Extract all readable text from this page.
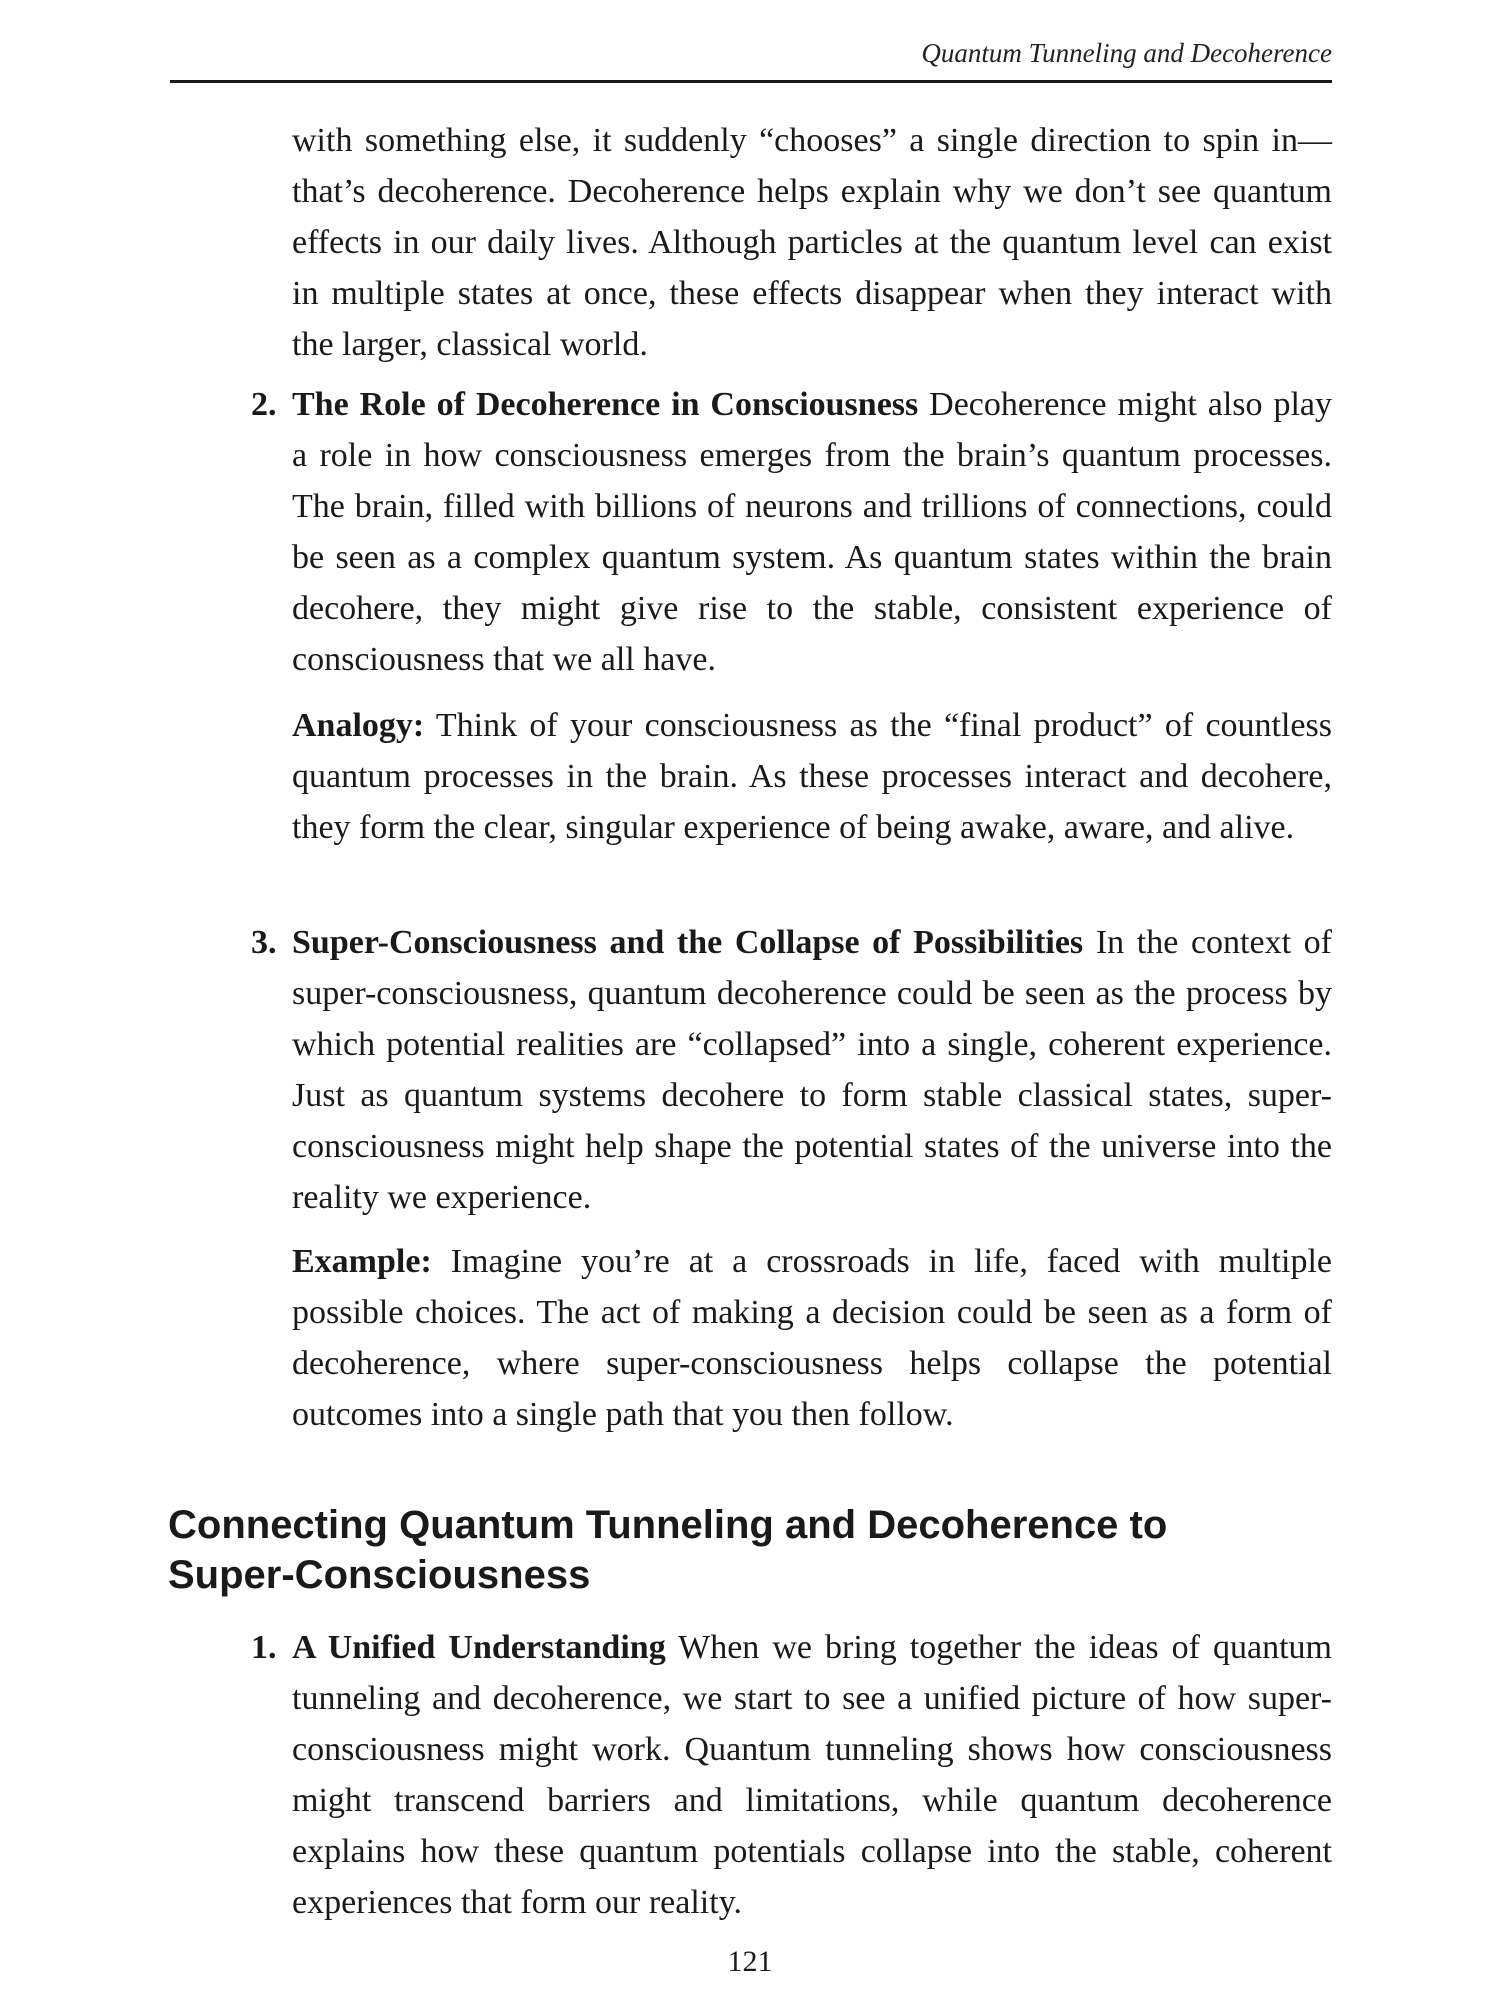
Quantum Tunneling and Decoherence

with something else, it suddenly “chooses” a single direction to spin in—that’s decoherence. Decoherence helps explain why we don’t see quantum effects in our daily lives. Although particles at the quantum level can exist in multiple states at once, these effects disappear when they interact with the larger, classical world.

2. The Role of Decoherence in Consciousness Decoherence might also play a role in how consciousness emerges from the brain’s quantum processes. The brain, filled with billions of neurons and trillions of connections, could be seen as a complex quantum system. As quantum states within the brain decohere, they might give rise to the stable, consistent experience of consciousness that we all have.
Analogy: Think of your consciousness as the “final product” of countless quantum processes in the brain. As these processes interact and decohere, they form the clear, singular experience of being awake, aware, and alive.
3. Super-Consciousness and the Collapse of Possibilities In the context of super-consciousness, quantum decoherence could be seen as the process by which potential realities are “collapsed” into a single, coherent experience. Just as quantum systems decohere to form stable classical states, super-consciousness might help shape the potential states of the universe into the reality we experience.
Example: Imagine you’re at a crossroads in life, faced with multiple possible choices. The act of making a decision could be seen as a form of decoherence, where super-consciousness helps collapse the potential outcomes into a single path that you then follow.
Connecting Quantum Tunneling and Decoherence to
Super-Consciousness
1. A Unified Understanding When we bring together the ideas of quantum tunneling and decoherence, we start to see a unified picture of how super-consciousness might work. Quantum tunneling shows how consciousness might transcend barriers and limitations, while quantum decoherence explains how these quantum potentials collapse into the stable, coherent experiences that form our reality.
121
